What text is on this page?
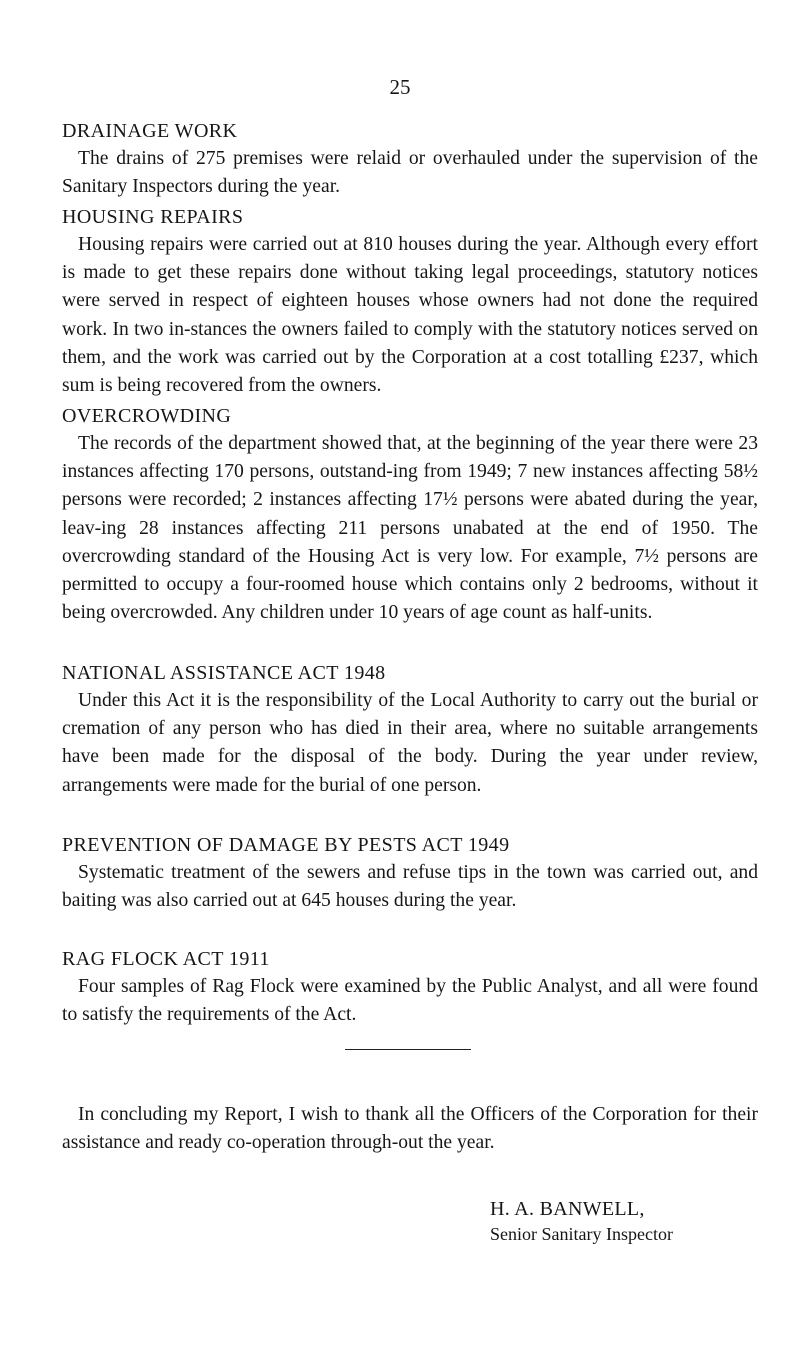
25
DRAINAGE WORK

The drains of 275 premises were relaid or overhauled under the supervision of the Sanitary Inspectors during the year.

HOUSING REPAIRS

Housing repairs were carried out at 810 houses during the year. Although every effort is made to get these repairs done without taking legal proceedings, statutory notices were served in respect of eighteen houses whose owners had not done the required work. In two in-stances the owners failed to comply with the statutory notices served on them, and the work was carried out by the Corporation at a cost totalling £237, which sum is being recovered from the owners.

OVERCROWDING

The records of the department showed that, at the beginning of the year there were 23 instances affecting 170 persons, outstand-ing from 1949; 7 new instances affecting 58½ persons were recorded; 2 instances affecting 17½ persons were abated during the year, leav-ing 28 instances affecting 211 persons unabated at the end of 1950. The overcrowding standard of the Housing Act is very low. For example, 7½ persons are permitted to occupy a four-roomed house which contains only 2 bedrooms, without it being overcrowded. Any children under 10 years of age count as half-units.

NATIONAL ASSISTANCE ACT 1948

Under this Act it is the responsibility of the Local Authority to carry out the burial or cremation of any person who has died in their area, where no suitable arrangements have been made for the disposal of the body. During the year under review, arrangements were made for the burial of one person.

PREVENTION OF DAMAGE BY PESTS ACT 1949

Systematic treatment of the sewers and refuse tips in the town was carried out, and baiting was also carried out at 645 houses during the year.

RAG FLOCK ACT 1911

Four samples of Rag Flock were examined by the Public Analyst, and all were found to satisfy the requirements of the Act.

In concluding my Report, I wish to thank all the Officers of the Corporation for their assistance and ready co-operation through-out the year.

H. A. BANWELL,

Senior Sanitary Inspector
